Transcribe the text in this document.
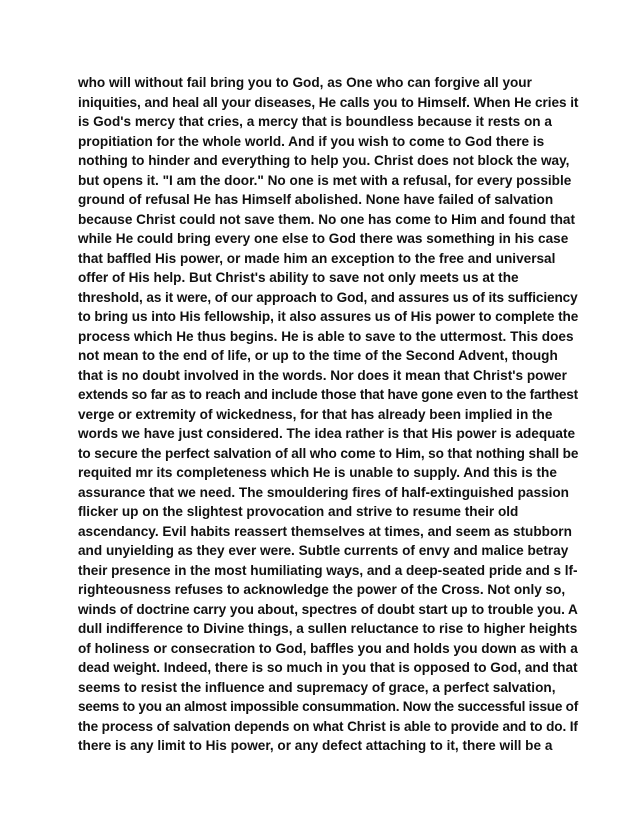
who will without fail bring you to God, as One who can forgive all your
iniquities, and heal all your diseases, He calls you to Himself. When He cries it
is God's mercy that cries, a mercy that is boundless because it rests on a
propitiation for the whole world. And if you wish to come to God there is
nothing to hinder and everything to help you. Christ does not block the way,
but opens it. "I am the door." No one is met with a refusal, for every possible
ground of refusal He has Himself abolished. None have failed of salvation
because Christ could not save them. No one has come to Him and found that
while He could bring every one else to God there was something in his case
that baffled His power, or made him an exception to the free and universal
offer of His help. But Christ's ability to save not only meets us at the
threshold, as it were, of our approach to God, and assures us of its sufficiency
to bring us into His fellowship, it also assures us of His power to complete the
process which He thus begins. He is able to save to the uttermost. This does
not mean to the end of life, or up to the time of the Second Advent, though
that is no doubt involved in the words. Nor does it mean that Christ's power
extends so far as to reach and include those that have gone even to the farthest
verge or extremity of wickedness, for that has already been implied in the
words we have just considered. The idea rather is that His power is adequate
to secure the perfect salvation of all who come to Him, so that nothing shall be
requited mr its completeness which He is unable to supply. And this is the
assurance that we need. The smouldering fires of half-extinguished passion
flicker up on the slightest provocation and strive to resume their old
ascendancy. Evil habits reassert themselves at times, and seem as stubborn
and unyielding as they ever were. Subtle currents of envy and malice betray
their presence in the most humiliating ways, and a deep-seated pride and s lf-
righteousness refuses to acknowledge the power of the Cross. Not only so,
winds of doctrine carry you about, spectres of doubt start up to trouble you. A
dull indifference to Divine things, a sullen reluctance to rise to higher heights
of holiness or consecration to God, baffles you and holds you down as with a
dead weight. Indeed, there is so much in you that is opposed to God, and that
seems to resist the influence and supremacy of grace, a perfect salvation,
seems to you an almost impossible consummation. Now the successful issue of
the process of salvation depends on what Christ is able to provide and to do. If
there is any limit to His power, or any defect attaching to it, there will be a
